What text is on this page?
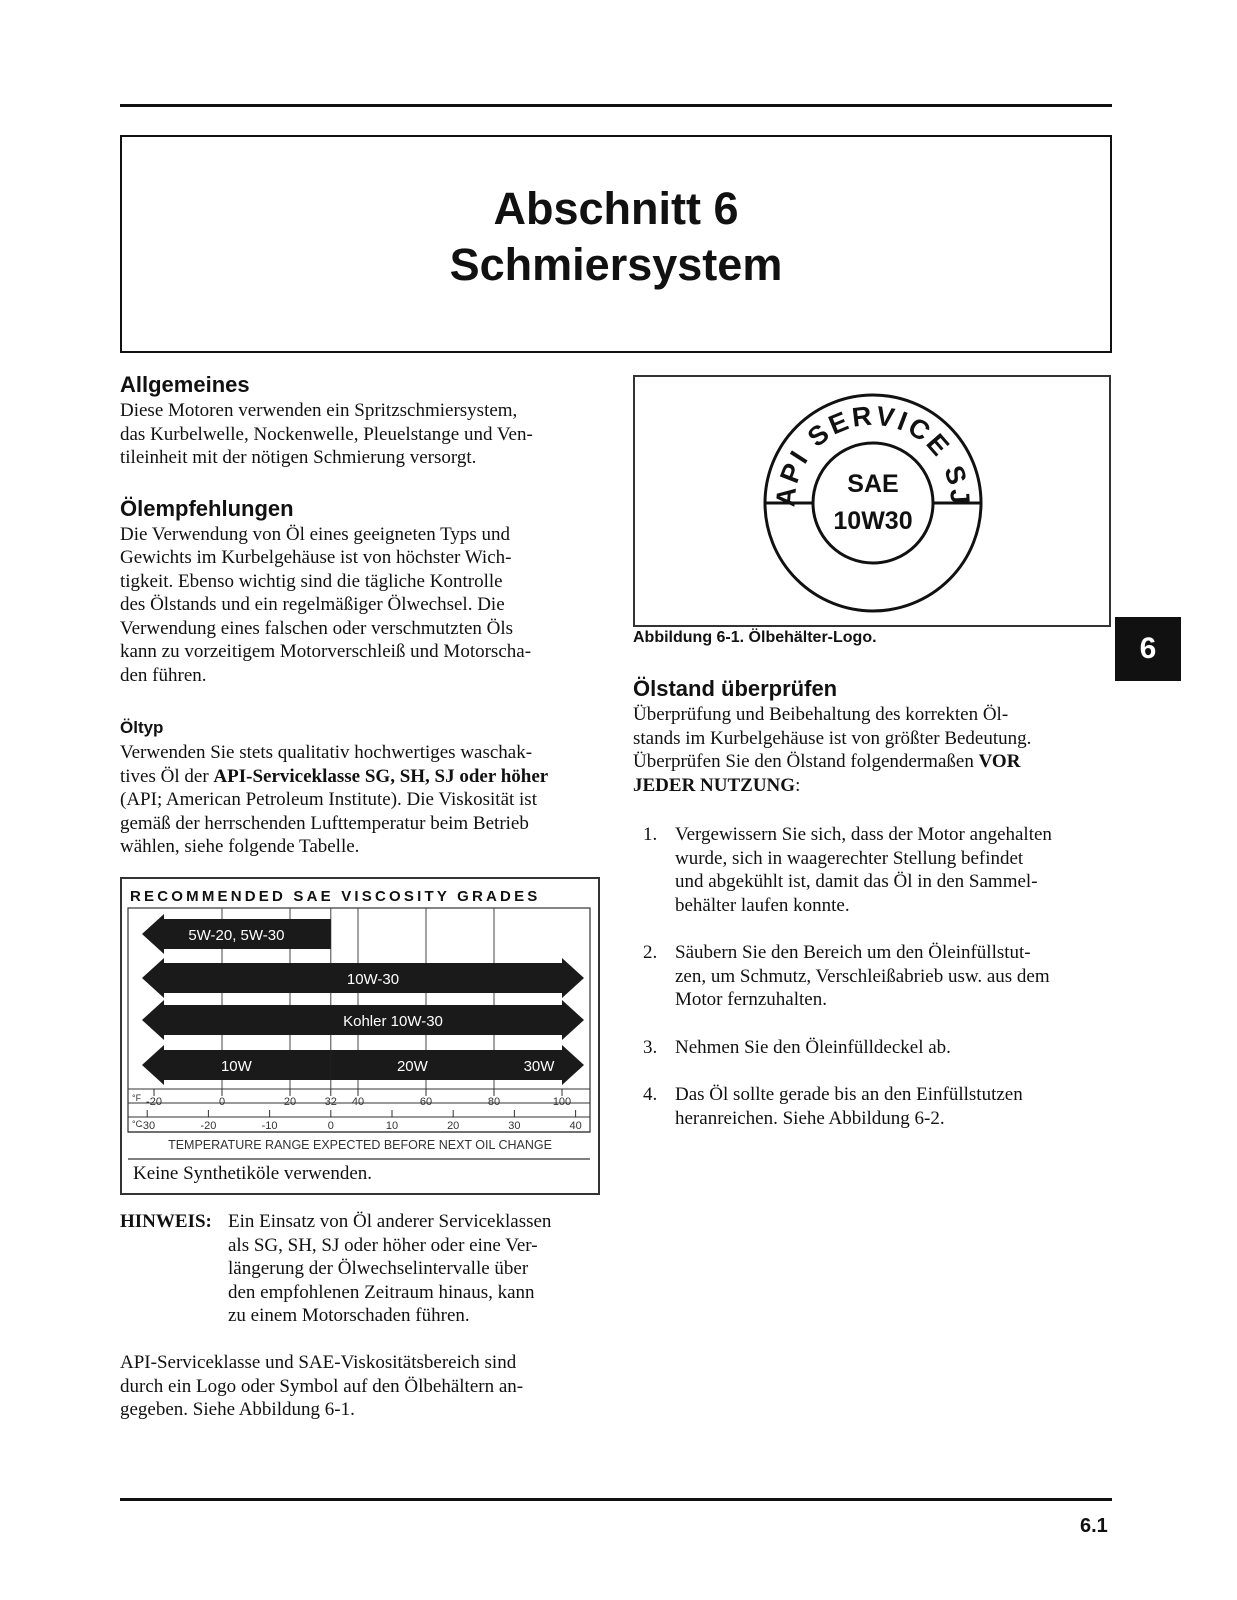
Abschnitt 6
Schmiersystem
Allgemeines

Diese Motoren verwenden ein Spritzschmiersystem,
das Kurbelwelle, Nockenwelle, Pleuelstange und Ven-
tileinheit mit der nötigen Schmierung versorgt.

Ölempfehlungen

Die Verwendung von Öl eines geeigneten Typs und
Gewichts im Kurbelgehäuse ist von höchster Wich-
tigkeit. Ebenso wichtig sind die tägliche Kontrolle
des Ölstands und ein regelmäßiger Ölwechsel. Die
Verwendung eines falschen oder verschmutzten Öls
kann zu vorzeitigem Motorverschleiß und Motorscha-
den führen.

Öltyp

Verwenden Sie stets qualitativ hochwertiges waschak-
tives Öl der API-Serviceklasse SG, SH, SJ oder höher
(API; American Petroleum Institute). Die Viskosität ist
gemäß der herrschenden Lufttemperatur beim Betrieb
wählen, siehe folgende Tabelle.

RECOMMENDED SAE VISCOSITY GRADES
5W-20, 5W-30
10W-30
Kohler 10W-30
10W	20W	30W
°F
°C
-20	0	20	32 40	60	80	100
-30	-20	-10	0	10	20	30	40
TEMPERATURE RANGE EXPECTED BEFORE NEXT OIL CHANGE
Keine Synthetiköle verwenden.
HINWEIS: Ein Einsatz von Öl anderer Serviceklassen
als SG, SH, SJ oder höher oder eine Ver-
längerung der Ölwechselintervalle über
den empfohlenen Zeitraum hinaus, kann
zu einem Motorschaden führen.

API-Serviceklasse und SAE-Viskositätsbereich sind
durch ein Logo oder Symbol auf den Ölbehältern an-
gegeben. Siehe Abbildung 6-1.

API SERVICE SJ
SAE
10W30
Abbildung 6-1. Ölbehälter-Logo.
Ölstand überprüfen

Überprüfung und Beibehaltung des korrekten Öl-
stands im Kurbelgehäuse ist von größter Bedeutung.
Überprüfen Sie den Ölstand folgendermaßen VOR
JEDER NUTZUNG:

1. Vergewissern Sie sich, dass der Motor angehalten
wurde, sich in waagerechter Stellung befindet
und abgekühlt ist, damit das Öl in den Sammel-
behälter laufen konnte.
2. Säubern Sie den Bereich um den Öleinfüllstut-
zen, um Schmutz, Verschleißabrieb usw. aus dem
Motor fernzuhalten.
3. Nehmen Sie den Öleinfülldeckel ab.
4. Das Öl sollte gerade bis an den Einfüllstutzen
heranreichen. Siehe Abbildung 6-2.
6
6.1
